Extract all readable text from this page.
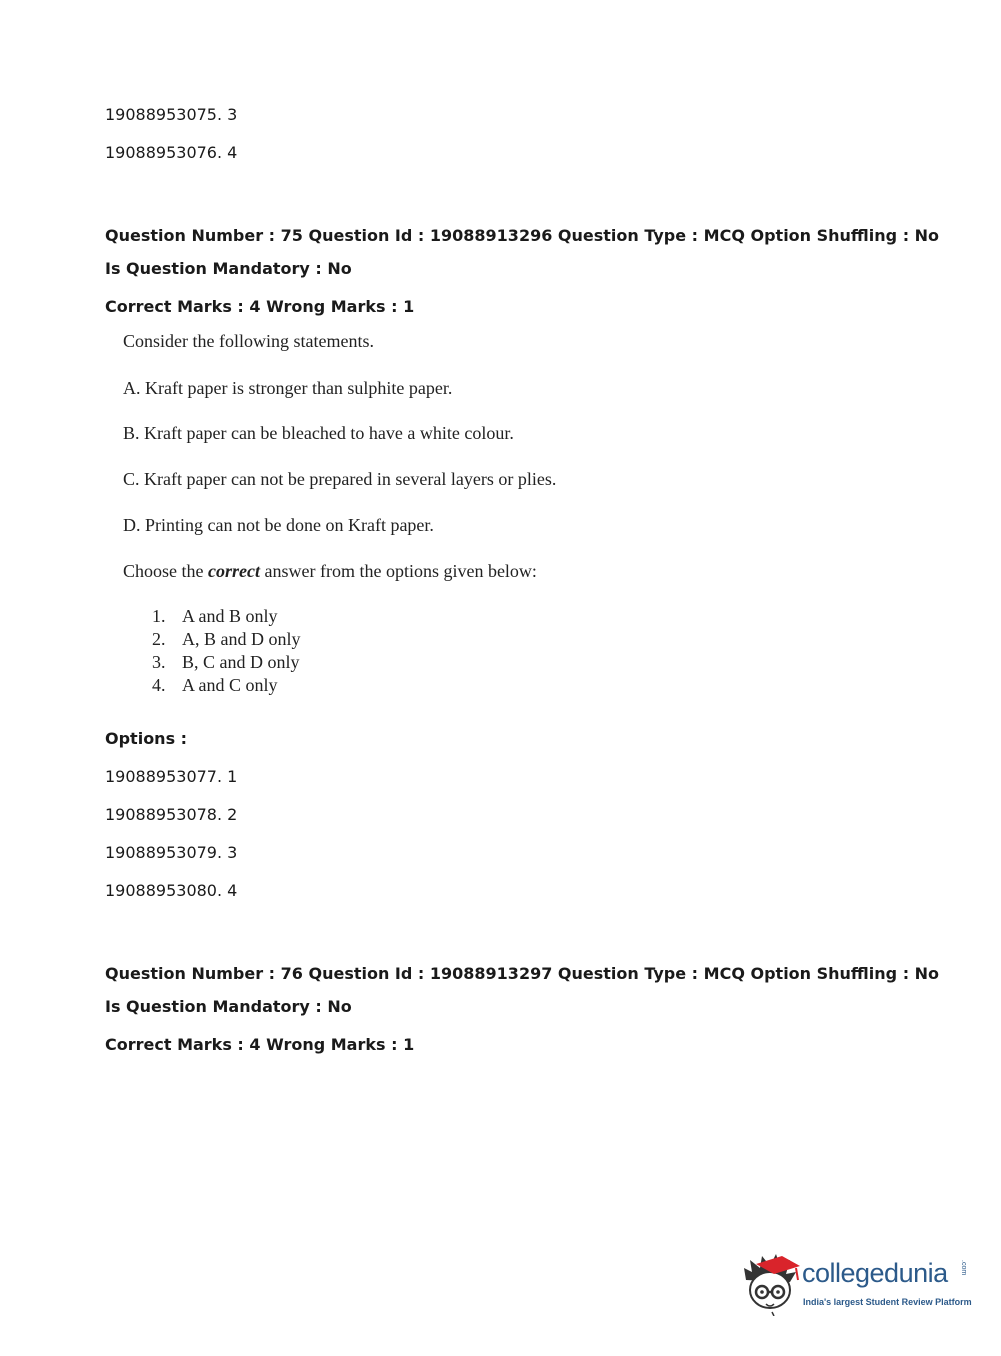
19088953075. 3
19088953076. 4
Question Number : 75 Question Id : 19088913296 Question Type : MCQ Option Shuffling : No
Is Question Mandatory : No
Correct Marks : 4 Wrong Marks : 1
Consider the following statements.
A. Kraft paper is stronger than sulphite paper.
B. Kraft paper can be bleached to have a white colour.
C. Kraft paper can not be prepared in several layers or plies.
D. Printing can not be done on Kraft paper.
Choose the correct answer from the options given below:
1. A and B only
2. A, B and D only
3. B, C and D only
4. A and C only
Options :
19088953077. 1
19088953078. 2
19088953079. 3
19088953080. 4
Question Number : 76 Question Id : 19088913297 Question Type : MCQ Option Shuffling : No
Is Question Mandatory : No
Correct Marks : 4 Wrong Marks : 1
collegedunia .com
India's largest Student Review Platform
